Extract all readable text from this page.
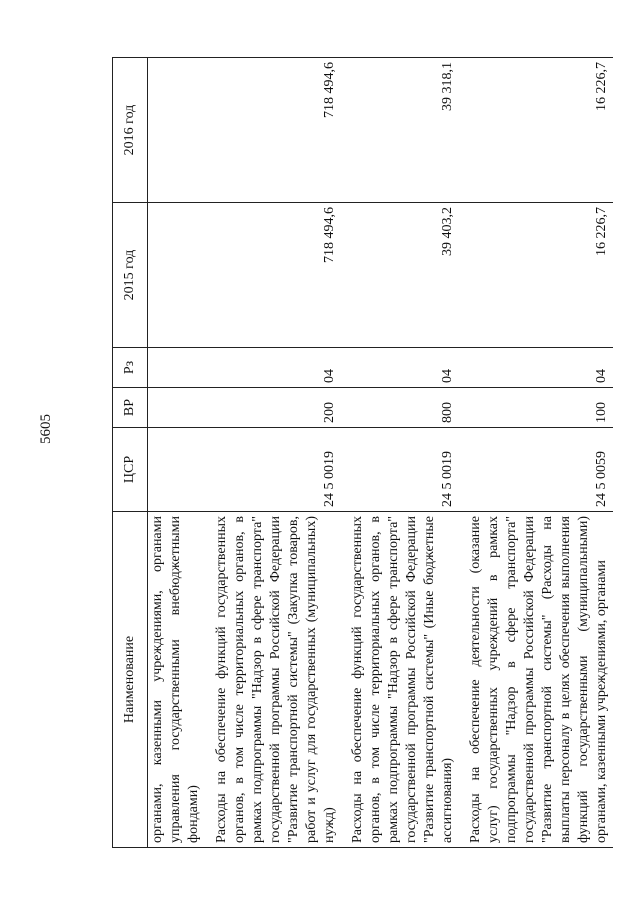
5605
Наименование	ЦСР	ВР	Рз	2015 год	2016 год
органами, казенными учреждениями, органами управления государственными внебюджетными фондами)					
Расходы на обеспечение функций государственных органов, в том числе территориальных органов, в рамках подпрограммы "Надзор в сфере транспорта" государственной программы Российской Федерации "Развитие транспортной системы" (Закупка товаров, работ и услуг для государственных (муниципальных) нужд)	24 5 0019	200	04	718 494,6	718 494,6
Расходы на обеспечение функций государственных органов, в том числе территориальных органов, в рамках подпрограммы "Надзор в сфере транспорта" государственной программы Российской Федерации "Развитие транспортной системы" (Иные бюджетные ассигнования)	24 5 0019	800	04	39 403,2	39 318,1
Расходы на обеспечение деятельности (оказание услуг) государственных учреждений в рамках подпрограммы "Надзор в сфере транспорта" государственной программы Российской Федерации "Развитие транспортной системы" (Расходы на выплаты персоналу в целях обеспечения выполнения функций государственными (муниципальными) органами, казенными учреждениями, органами	24 5 0059	100	04	16 226,7	16 226,7
